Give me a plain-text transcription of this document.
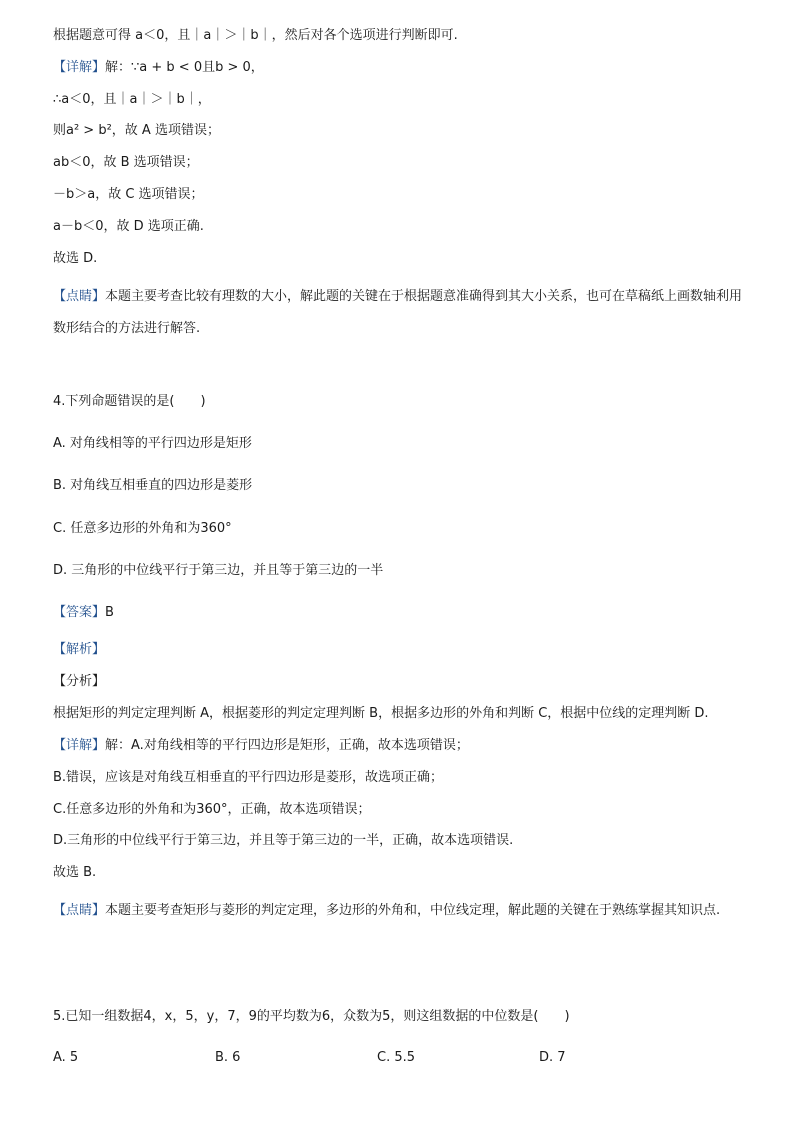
根据题意可得 a＜0，且｜a｜＞｜b｜，然后对各个选项进行判断即可.
【详解】解：∵a + b < 0且b > 0，
∴a＜0，且｜a｜＞｜b｜，
则a² > b²，故 A 选项错误；
ab＜0，故 B 选项错误；
－b＞a，故 C 选项错误；
a－b＜0，故 D 选项正确.
故选 D.
【点睛】本题主要考查比较有理数的大小，解此题的关键在于根据题意准确得到其大小关系，也可在草稿纸上画数轴利用数形结合的方法进行解答.
4.下列命题错误的是(　　)
A. 对角线相等的平行四边形是矩形
B. 对角线互相垂直的四边形是菱形
C. 任意多边形的外角和为360°
D. 三角形的中位线平行于第三边，并且等于第三边的一半
【答案】B
【解析】
【分析】
根据矩形的判定定理判断 A，根据菱形的判定定理判断 B，根据多边形的外角和判断 C，根据中位线的定理判断 D.
【详解】解：A.对角线相等的平行四边形是矩形，正确，故本选项错误；
B.错误，应该是对角线互相垂直的平行四边形是菱形，故选项正确；
C.任意多边形的外角和为360°，正确，故本选项错误；
D.三角形的中位线平行于第三边，并且等于第三边的一半，正确，故本选项错误.
故选 B.
【点睛】本题主要考查矩形与菱形的判定定理，多边形的外角和，中位线定理，解此题的关键在于熟练掌握其知识点.
5.已知一组数据4，x，5，y，7，9的平均数为6，众数为5，则这组数据的中位数是(　　)
A. 5	B. 6	C. 5.5	D. 7
